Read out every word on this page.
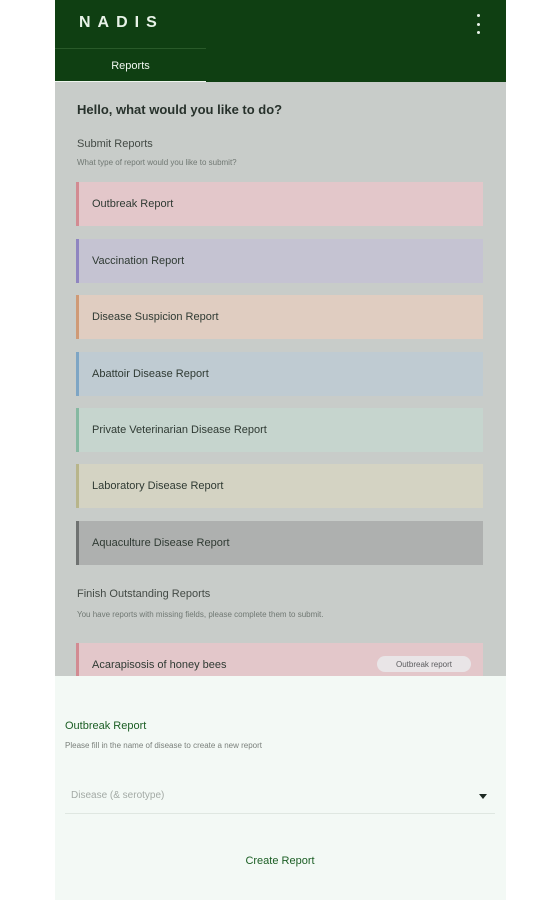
NADIS
Reports
Hello, what would you like to do?
Submit Reports
What type of report would you like to submit?
Outbreak Report
Vaccination Report
Disease Suspicion Report
Abattoir Disease Report
Private Veterinarian Disease Report
Laboratory Disease Report
Aquaculture Disease Report
Finish Outstanding Reports
You have reports with missing fields, please complete them to submit.
Acarapisosis of honey bees	Outbreak report
Outbreak Report
Please fill in the name of disease to create a new report
Disease (& serotype)
Create Report
